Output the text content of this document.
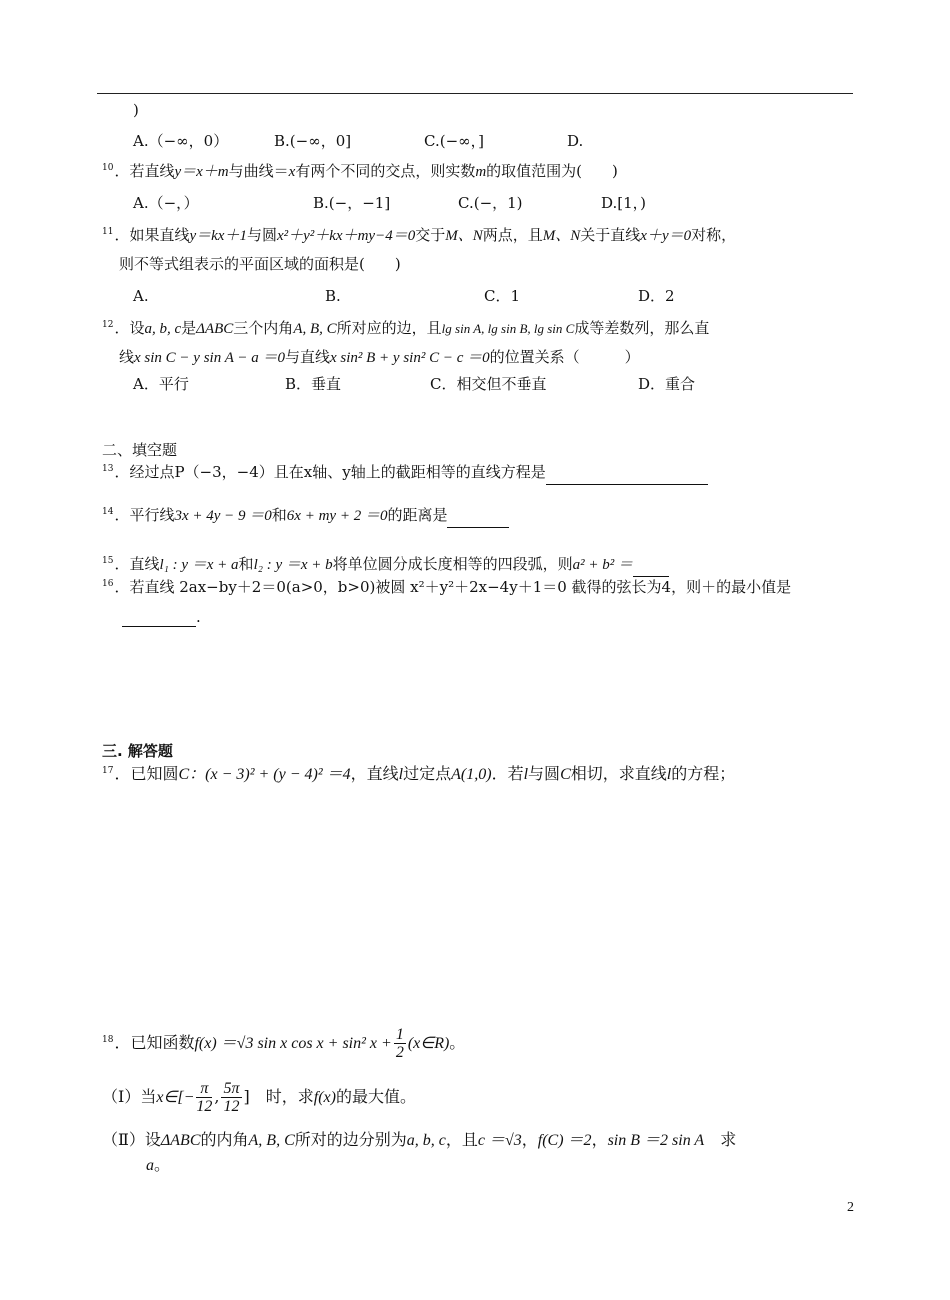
)
A.（−∞，0）	B.(−∞，0]	C.(−∞，]	D.
$^{10}$．若直线y＝x＋m与曲线＝x有两个不同的交点，则实数m的取值范围为(　　)
A.（−，）	B.(−，−1]	C.(−，1)	D.[1，)
$^{11}$．如果直线y＝kx＋1与圆x²＋y²＋kx＋my−4＝0交于M、N两点，且M、N关于直线x＋y＝0对称，
则不等式组表示的平面区域的面积是(　　)
A.	B.	C．1	D．2
$^{12}$．设a, b, c是ΔABC三个内角A, B, C所对应的边，且lg sin A, lg sin B, lg sin C成等差数列，那么直
线x sin C − y sin A − a ＝0与直线x sin² B + y sin² C − c ＝0的位置关系（　　　）
A．平行	B．垂直	C．相交但不垂直	D．重合
二、填空题
$^{13}$．经过点P（−3，−4）且在x轴、y轴上的截距相等的直线方程是
$^{14}$．平行线3x + 4y − 9 ＝0和6x + my + 2 ＝0的距离是
$^{15}$．直线l₁ : y ＝x + a和l₂ : y ＝x + b将单位圆分成长度相等的四段弧，则a² + b² ＝
$^{16}$．若直线 2ax−by＋2＝0(a>0，b>0)被圆 x²＋y²＋2x−4y＋1＝0 截得的弦长为4，则＋的最小值是
.
三. 解答题
$^{17}$．已知圆C：(x − 3)² + (y − 4)² ＝4，直线l过定点A(1,0)．若l与圆C相切，求直线l的方程；
$^{18}$．已知函数f(x) ＝√3 sin x cos x + sin² $x + \frac{1}{2}$ (x∈R)。
（Ⅰ）当x∈[− $\frac{\pi}{12}$ , $\frac{5\pi}{12}$ ]　时，求f(x)的最大值。
（Ⅱ）设ΔABC的内角A, B, C所对的边分别为a, b, c，且c ＝√3，f(C) ＝2，sin B ＝2 sin A　求
a。
2
